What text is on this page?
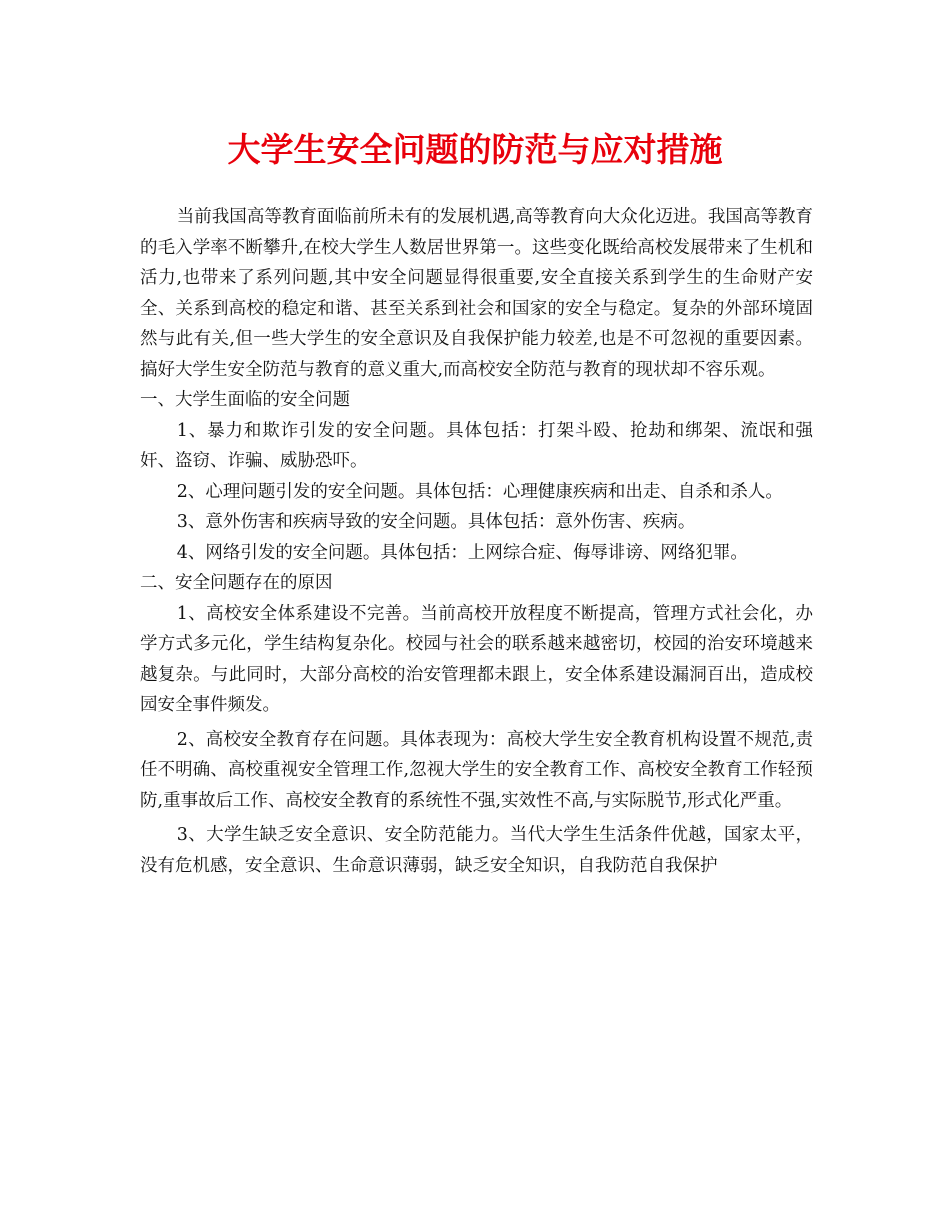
大学生安全问题的防范与应对措施

当前我国高等教育面临前所未有的发展机遇,高等教育向大众化迈进。我国高等教育的毛入学率不断攀升,在校大学生人数居世界第一。这些变化既给高校发展带来了生机和活力,也带来了系列问题,其中安全问题显得很重要,安全直接关系到学生的生命财产安全、关系到高校的稳定和谐、甚至关系到社会和国家的安全与稳定。复杂的外部环境固然与此有关,但一些大学生的安全意识及自我保护能力较差,也是不可忽视的重要因素。搞好大学生安全防范与教育的意义重大,而高校安全防范与教育的现状却不容乐观。

一、大学生面临的安全问题

1、暴力和欺诈引发的安全问题。具体包括：打架斗殴、抢劫和绑架、流氓和强奸、盗窃、诈骗、威胁恐吓。

2、心理问题引发的安全问题。具体包括：心理健康疾病和出走、自杀和杀人。

3、意外伤害和疾病导致的安全问题。具体包括：意外伤害、疾病。

4、网络引发的安全问题。具体包括：上网综合症、侮辱诽谤、网络犯罪。

二、安全问题存在的原因

1、高校安全体系建设不完善。当前高校开放程度不断提高，管理方式社会化，办学方式多元化，学生结构复杂化。校园与社会的联系越来越密切，校园的治安环境越来越复杂。与此同时，大部分高校的治安管理都未跟上，安全体系建设漏洞百出，造成校园安全事件频发。

2、高校安全教育存在问题。具体表现为：高校大学生安全教育机构设置不规范,责任不明确、高校重视安全管理工作,忽视大学生的安全教育工作、高校安全教育工作轻预防,重事故后工作、高校安全教育的系统性不强,实效性不高,与实际脱节,形式化严重。

3、大学生缺乏安全意识、安全防范能力。当代大学生生活条件优越，国家太平，没有危机感，安全意识、生命意识薄弱，缺乏安全知识，自我防范自我保护
